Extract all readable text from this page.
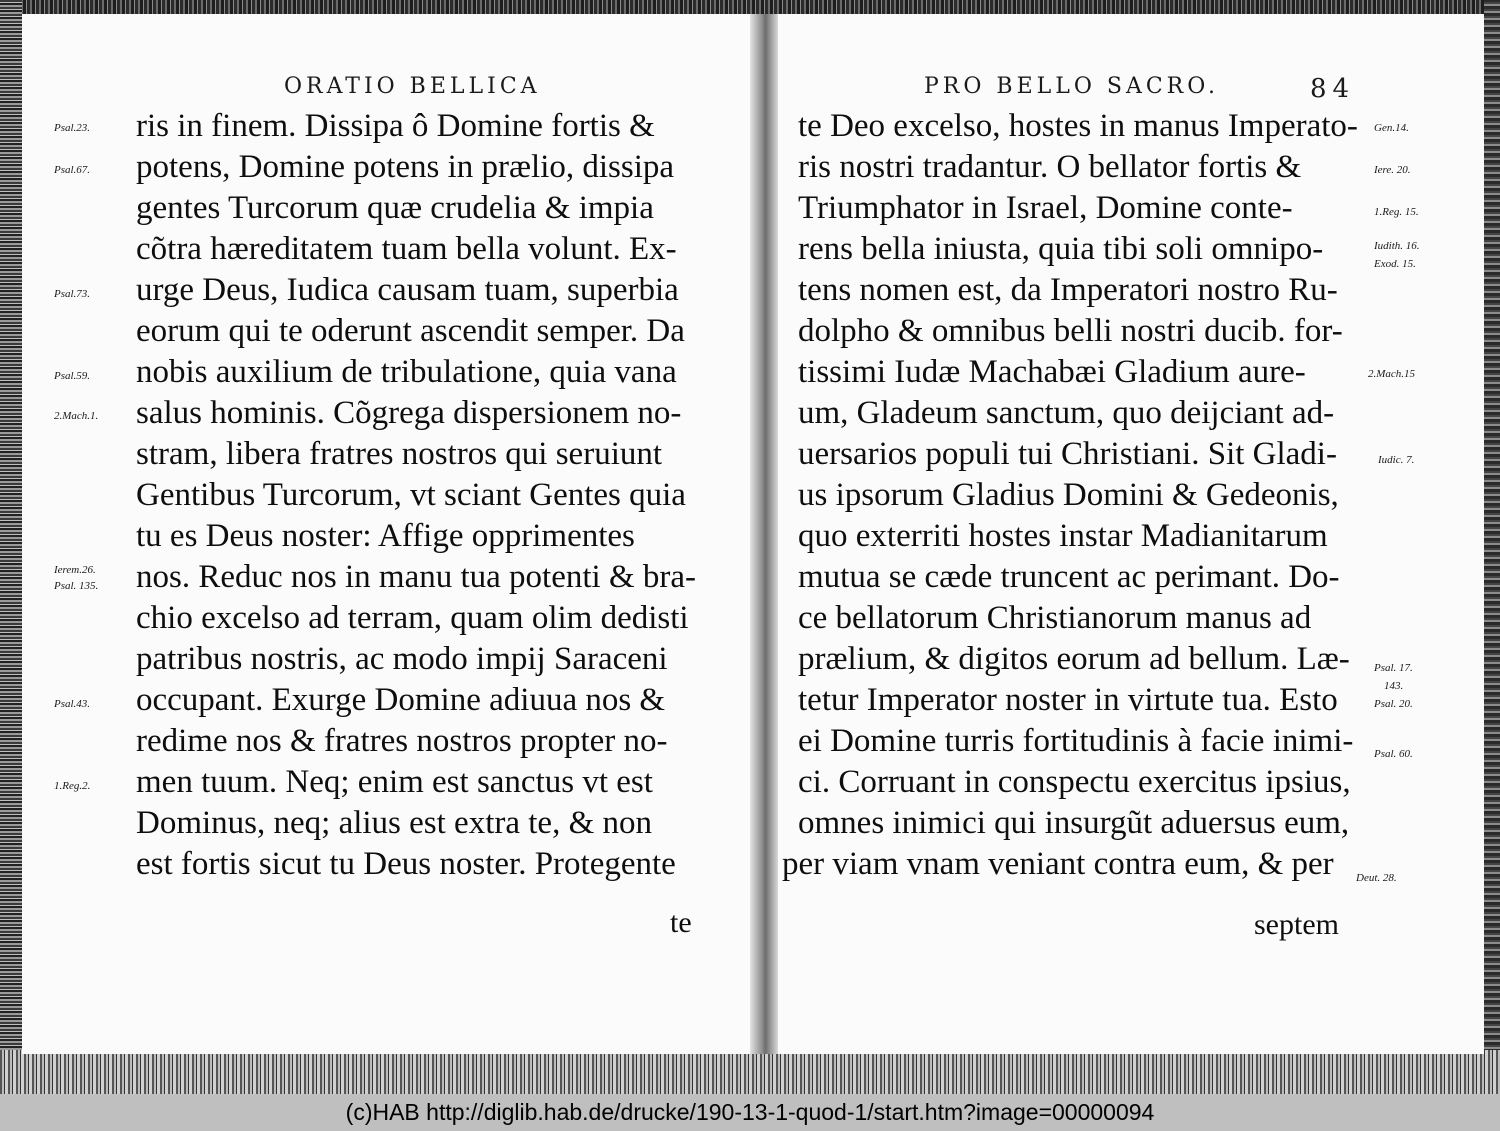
ORATIO BELLICA
ris in finem. Dissipa ô Domine fortis &
potens, Domine potens in prælio, dissipa
gentes Turcorum quæ crudelia & impia
cõtra hæreditatem tuam bella volunt. Ex-
urge Deus, Iudica causam tuam, superbia
eorum qui te oderunt ascendit semper. Da
nobis auxilium de tribulatione, quia vana
salus hominis. Cõgrega dispersionem no-
stram, libera fratres nostros qui seruiunt
Gentibus Turcorum, vt sciant Gentes quia
tu es Deus noster: Affige opprimentes
nos. Reduc nos in manu tua potenti & bra-
chio excelso ad terram, quam olim dedisti
patribus nostris, ac modo impij Saraceni
occupant. Exurge Domine adiuua nos &
redime nos & fratres nostros propter no-
men tuum. Neq; enim est sanctus vt est
Dominus, neq; alius est extra te, & non
est fortis sicut tu Deus noster. Protegente
te
Psal.23.
Psal.67.
Psal.73.
Psal.59.
2.Mach.1.
Ierem.26.
Psal. 135.
Psal.43.
1.Reg.2.
PRO BELLO SACRO.	84
te Deo excelso, hostes in manus Imperato-
ris nostri tradantur. O bellator fortis &
Triumphator in Israel, Domine conte-
rens bella iniusta, quia tibi soli omnipo-
tens nomen est, da Imperatori nostro Ru-
dolpho & omnibus belli nostri ducib. for-
tissimi Iudæ Machabæi Gladium aure-
um, Gladeum sanctum, quo deijciant ad-
uersarios populi tui Christiani. Sit Gladi-
us ipsorum Gladius Domini & Gedeonis,
quo exterriti hostes instar Madianitarum
mutua se cæde truncent ac perimant. Do-
ce bellatorum Christianorum manus ad
prælium, & digitos eorum ad bellum. Læ-
tetur Imperator noster in virtute tua. Esto
ei Domine turris fortitudinis à facie inimi-
ci. Corruant in conspectu exercitus ipsius,
omnes inimici qui insurgũt aduersus eum,
per viam vnam veniant contra eum, & per
septem
Gen.14.
Iere. 20.
1.Reg. 15.
Iudith. 16.
Exod. 15.
2.Mach.15
Iudic. 7.
Psal. 17.
143.
Psal. 20.
Psal. 60.
Deut. 28.
(c)HAB http://diglib.hab.de/drucke/190-13-1-quod-1/start.htm?image=00000094
